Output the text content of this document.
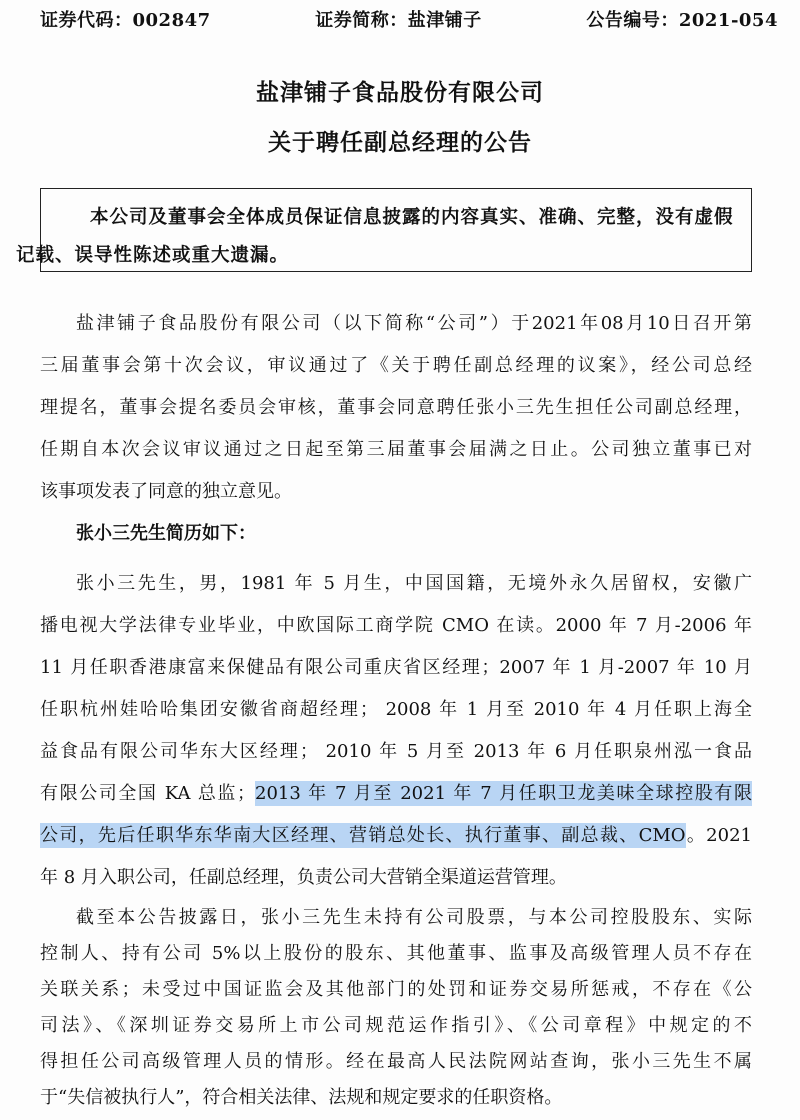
证券代码：002847	证券简称：盐津铺子	公告编号：2021-054
盐津铺子食品股份有限公司
关于聘任副总经理的公告
本公司及董事会全体成员保证信息披露的内容真实、准确、完整，没有虚假
记载、误导性陈述或重大遗漏。
盐津铺子食品股份有限公司（以下简称“公司”）于2021年08月10日召开第
三届董事会第十次会议，审议通过了《关于聘任副总经理的议案》，经公司总经
理提名，董事会提名委员会审核，董事会同意聘任张小三先生担任公司副总经理，
任期自本次会议审议通过之日起至第三届董事会届满之日止。公司独立董事已对
该事项发表了同意的独立意见。
张小三先生简历如下：
张小三先生，男，1981 年 5 月生，中国国籍，无境外永久居留权，安徽广
播电视大学法律专业毕业，中欧国际工商学院 CMO 在读。2000 年 7 月-2006 年
11 月任职香港康富来保健品有限公司重庆省区经理；2007 年 1 月-2007 年 10 月
任职杭州娃哈哈集团安徽省商超经理； 2008 年 1 月至 2010 年 4 月任职上海全
益食品有限公司华东大区经理； 2010 年 5 月至 2013 年 6 月任职泉州泓一食品
有限公司全国 KA 总监；2013 年 7 月至 2021 年 7 月任职卫龙美味全球控股有限
公司，先后任职华东华南大区经理、营销总处长、执行董事、副总裁、CMO。2021
年 8 月入职公司，任副总经理，负责公司大营销全渠道运营管理。
截至本公告披露日，张小三先生未持有公司股票，与本公司控股股东、实际
控制人、持有公司 5%以上股份的股东、其他董事、监事及高级管理人员不存在
关联关系；未受过中国证监会及其他部门的处罚和证券交易所惩戒，不存在《公
司法》、《深圳证券交易所上市公司规范运作指引》、《公司章程》中规定的不
得担任公司高级管理人员的情形。经在最高人民法院网站查询，张小三先生不属
于“失信被执行人”，符合相关法律、法规和规定要求的任职资格。
